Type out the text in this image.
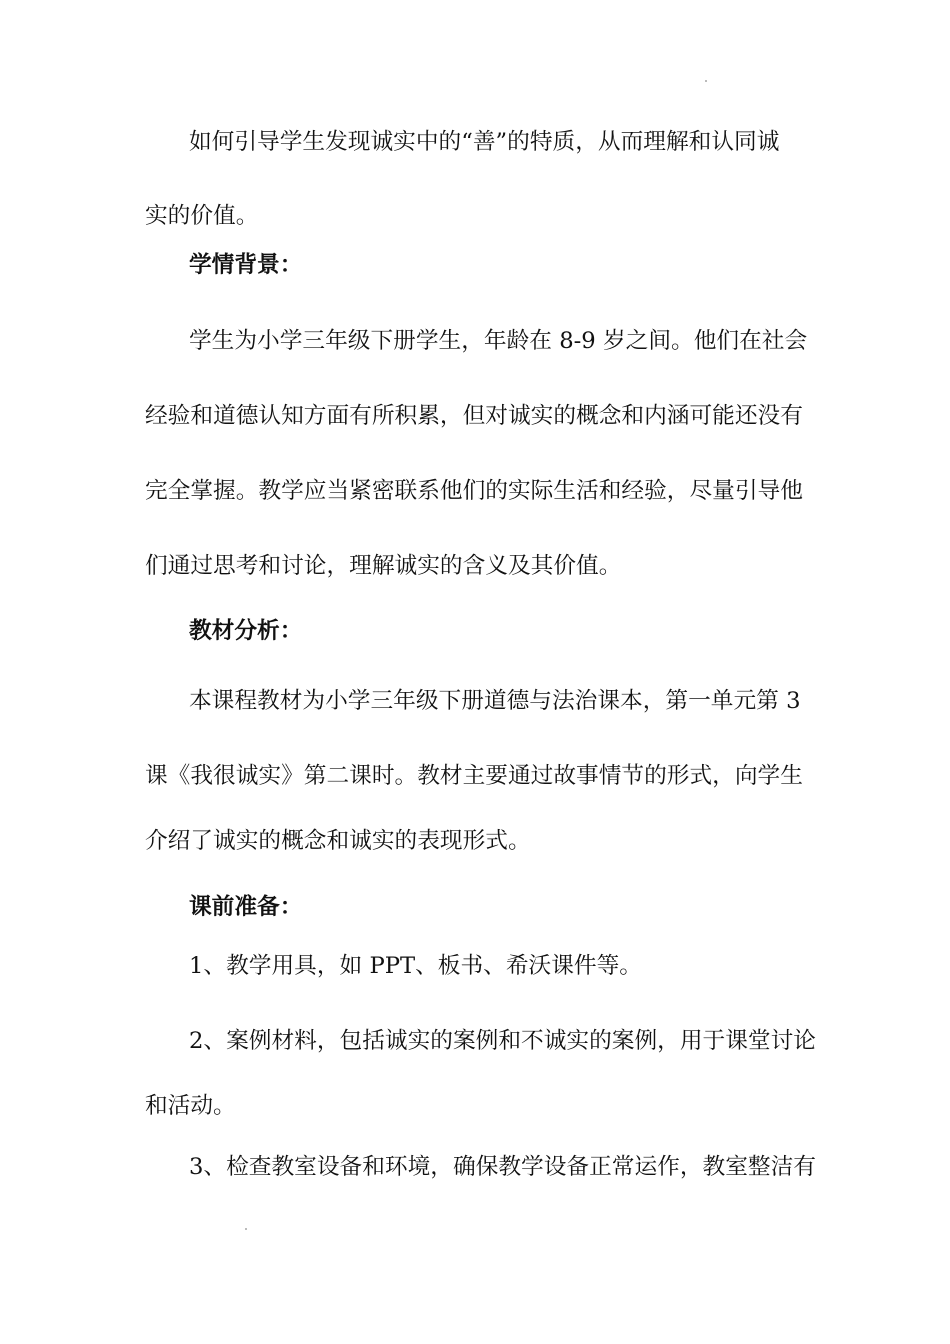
如何引导学生发现诚实中的“善”的特质，从而理解和认同诚
实的价值。
学情背景：
学生为小学三年级下册学生，年龄在 8-9 岁之间。他们在社会
经验和道德认知方面有所积累，但对诚实的概念和内涵可能还没有
完全掌握。教学应当紧密联系他们的实际生活和经验，尽量引导他
们通过思考和讨论，理解诚实的含义及其价值。
教材分析：
本课程教材为小学三年级下册道德与法治课本，第一单元第 3
课《我很诚实》第二课时。教材主要通过故事情节的形式，向学生
介绍了诚实的概念和诚实的表现形式。
课前准备：
1、教学用具，如 PPT、板书、希沃课件等。
2、案例材料，包括诚实的案例和不诚实的案例，用于课堂讨论
和活动。
3、检查教室设备和环境，确保教学设备正常运作，教室整洁有
